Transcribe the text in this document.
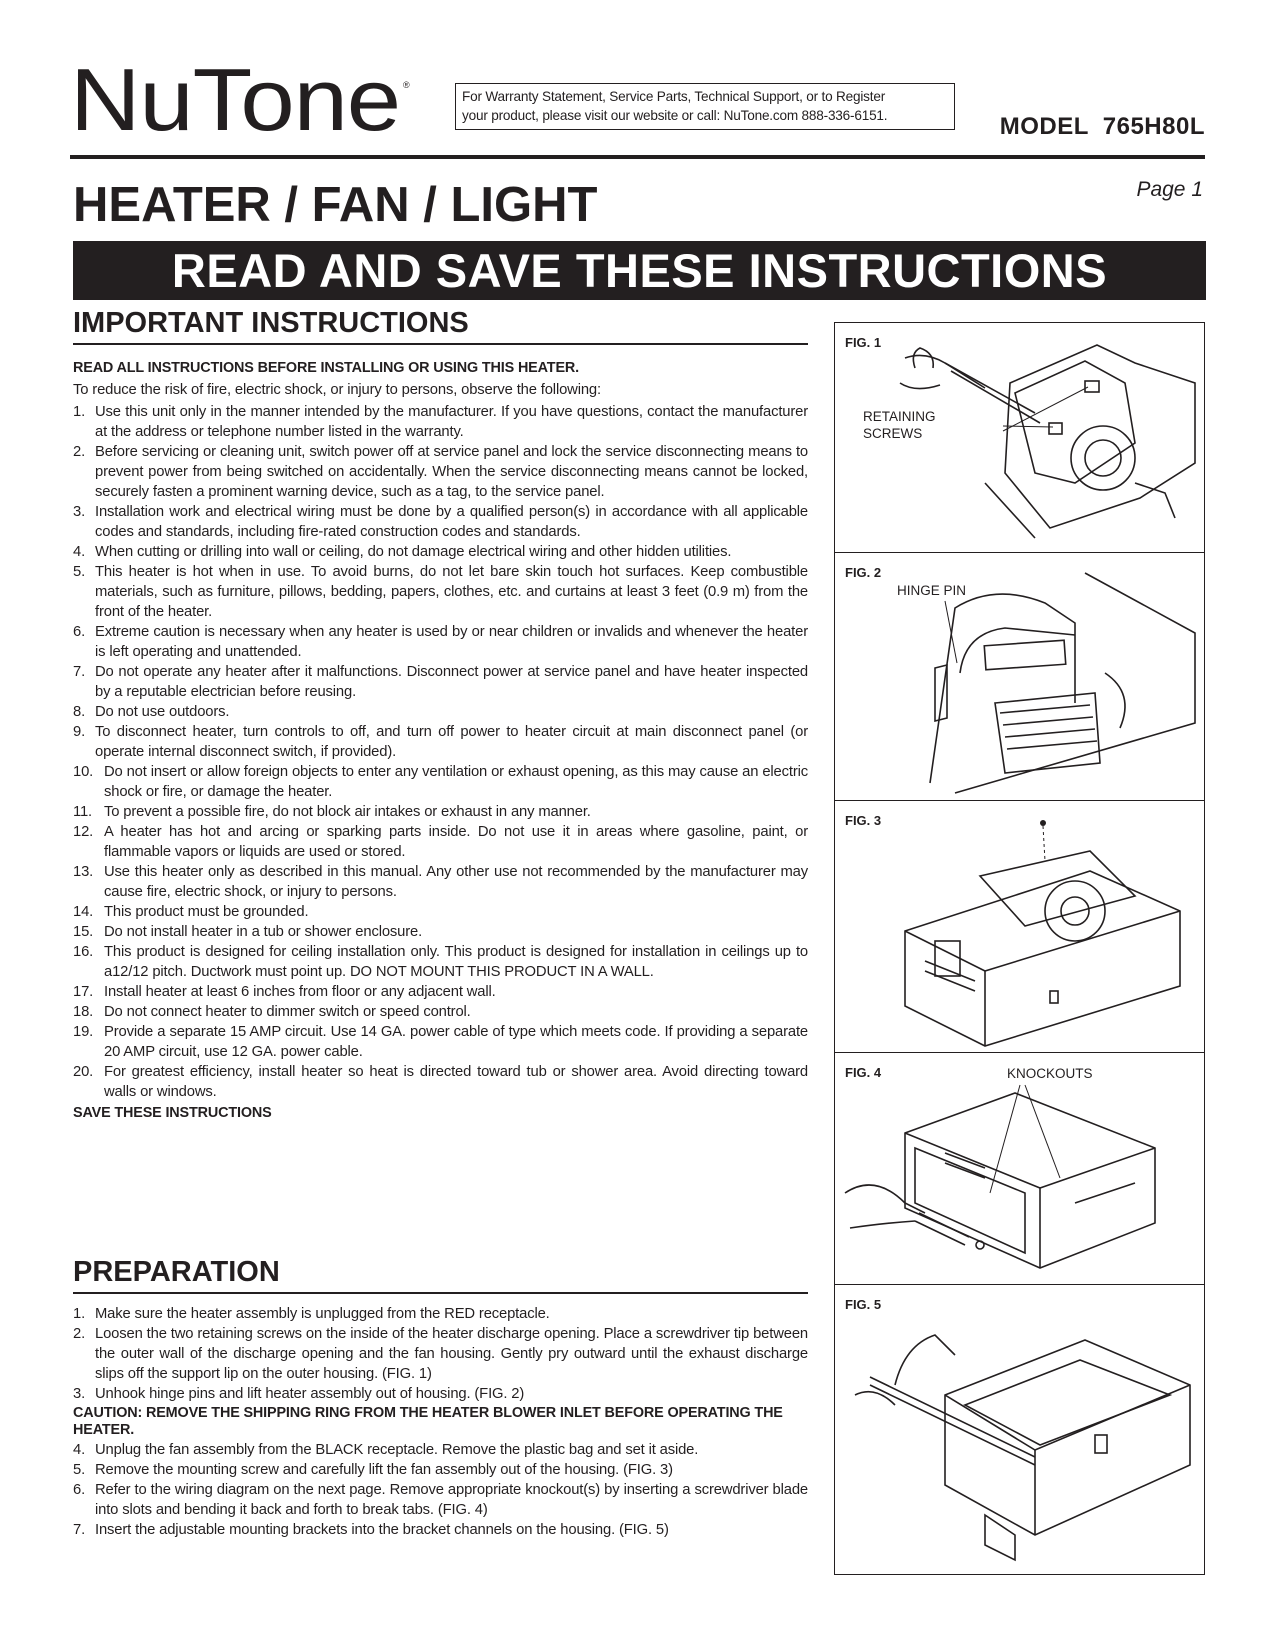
NuTone ®
For Warranty Statement, Service Parts, Technical Support, or to Register
your product, please visit our website or call: NuTone.com 888-336-6151.	MODEL  765H80L
HEATER / FAN / LIGHT	Page 1
READ AND SAVE THESE INSTRUCTIONS
IMPORTANT INSTRUCTIONS
READ ALL INSTRUCTIONS BEFORE INSTALLING OR USING THIS HEATER.
To reduce the risk of fire, electric shock, or injury to persons, observe the following:
1. Use this unit only in the manner intended by the manufacturer. If you have questions, contact the manufacturer at the address or telephone number listed in the warranty.
2. Before servicing or cleaning unit, switch power off at service panel and lock the service disconnecting means to prevent power from being switched on accidentally. When the service disconnecting means cannot be locked, securely fasten a prominent warning device, such as a tag, to the service panel.
3. Installation work and electrical wiring must be done by a qualified person(s) in accordance with all applicable codes and standards, including fire-rated construction codes and standards.
4. When cutting or drilling into wall or ceiling, do not damage electrical wiring and other hidden utilities.
5. This heater is hot when in use. To avoid burns, do not let bare skin touch hot surfaces. Keep combustible materials, such as furniture, pillows, bedding, papers, clothes, etc. and curtains at least 3 feet (0.9 m) from the front of the heater.
6. Extreme caution is necessary when any heater is used by or near children or invalids and whenever the heater is left operating and unattended.
7. Do not operate any heater after it malfunctions. Disconnect power at service panel and have heater inspected by a reputable electrician before reusing.
8. Do not use outdoors.
9. To disconnect heater, turn controls to off, and turn off power to heater circuit at main disconnect panel (or operate internal disconnect switch, if provided).
10. Do not insert or allow foreign objects to enter any ventilation or exhaust opening, as this may cause an electric shock or fire, or damage the heater.
11. To prevent a possible fire, do not block air intakes or exhaust in any manner.
12. A heater has hot and arcing or sparking parts inside. Do not use it in areas where gasoline, paint, or flammable vapors or liquids are used or stored.
13. Use this heater only as described in this manual. Any other use not recommended by the manufacturer may cause fire, electric shock, or injury to persons.
14. This product must be grounded.
15. Do not install heater in a tub or shower enclosure.
16. This product is designed for ceiling installation only. This product is designed for installation in ceilings up to a12/12 pitch. Ductwork must point up. DO NOT MOUNT THIS PRODUCT IN A WALL.
17. Install heater at least 6 inches from floor or any adjacent wall.
18. Do not connect heater to dimmer switch or speed control.
19. Provide a separate 15 AMP circuit. Use 14 GA. power cable of type which meets code. If providing a separate 20 AMP circuit, use 12 GA. power cable.
20. For greatest efficiency, install heater so heat is directed toward tub or shower area. Avoid directing toward walls or windows.
SAVE THESE INSTRUCTIONS
PREPARATION
1. Make sure the heater assembly is unplugged from the RED receptacle.
2. Loosen the two retaining screws on the inside of the heater discharge opening. Place a screwdriver tip between the outer wall of the discharge opening and the fan housing. Gently pry outward until the exhaust discharge slips off the support lip on the outer housing. (FIG. 1)
3. Unhook hinge pins and lift heater assembly out of housing. (FIG. 2)
CAUTION: REMOVE THE SHIPPING RING FROM THE HEATER BLOWER INLET BEFORE OPERATING THE HEATER.
4. Unplug the fan assembly from the BLACK receptacle. Remove the plastic bag and set it aside.
5. Remove the mounting screw and carefully lift the fan assembly out of the housing. (FIG. 3)
6. Refer to the wiring diagram on the next page. Remove appropriate knockout(s) by inserting a screwdriver blade into slots and bending it back and forth to break tabs. (FIG. 4)
7. Insert the adjustable mounting brackets into the bracket channels on the housing. (FIG. 5)
FIG. 1
RETAINING
SCREWS
FIG. 2
HINGE PIN
FIG. 3
FIG. 4	KNOCKOUTS
FIG. 5
